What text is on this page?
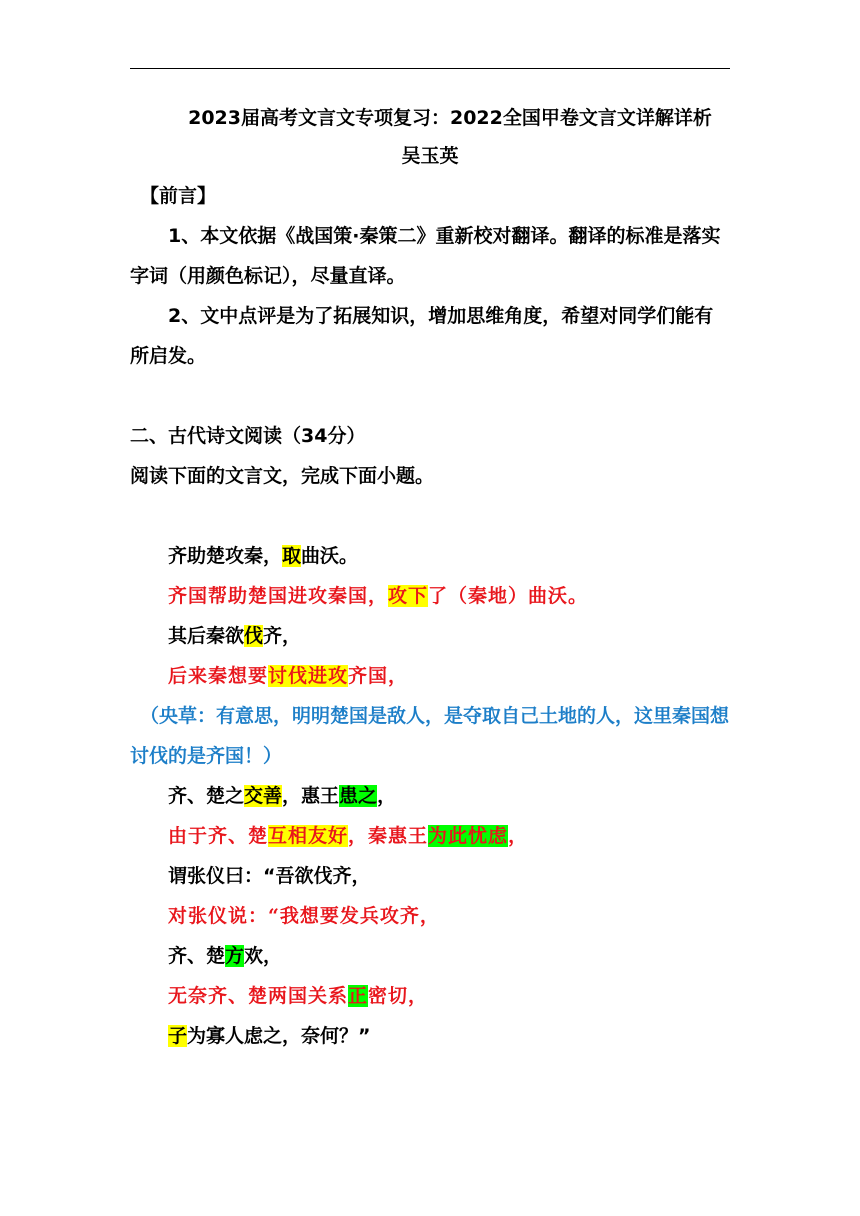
2023届高考文言文专项复习：2022全国甲卷文言文详解详析
吴玉英

【前言】

1、本文依据《战国策·秦策二》重新校对翻译。翻译的标准是落实字词（用颜色标记），尽量直译。

2、文中点评是为了拓展知识，增加思维角度，希望对同学们能有所启发。

二、古代诗文阅读（34分）

阅读下面的文言文，完成下面小题。

齐助楚攻秦，取曲沃。

齐国帮助楚国进攻秦国，攻下了（秦地）曲沃。

其后秦欲伐齐，

后来秦想要讨伐进攻齐国，

（央草：有意思，明明楚国是敌人，是夺取自己土地的人，这里秦国想讨伐的是齐国！）

齐、楚之交善，惠王患之，

由于齐、楚互相友好，秦惠王为此忧虑，

谓张仪曰：“吾欲伐齐，

对张仪说：“我想要发兵攻齐，

齐、楚方欢，

无奈齐、楚两国关系正密切，

子为寡人虑之，奈何？”
